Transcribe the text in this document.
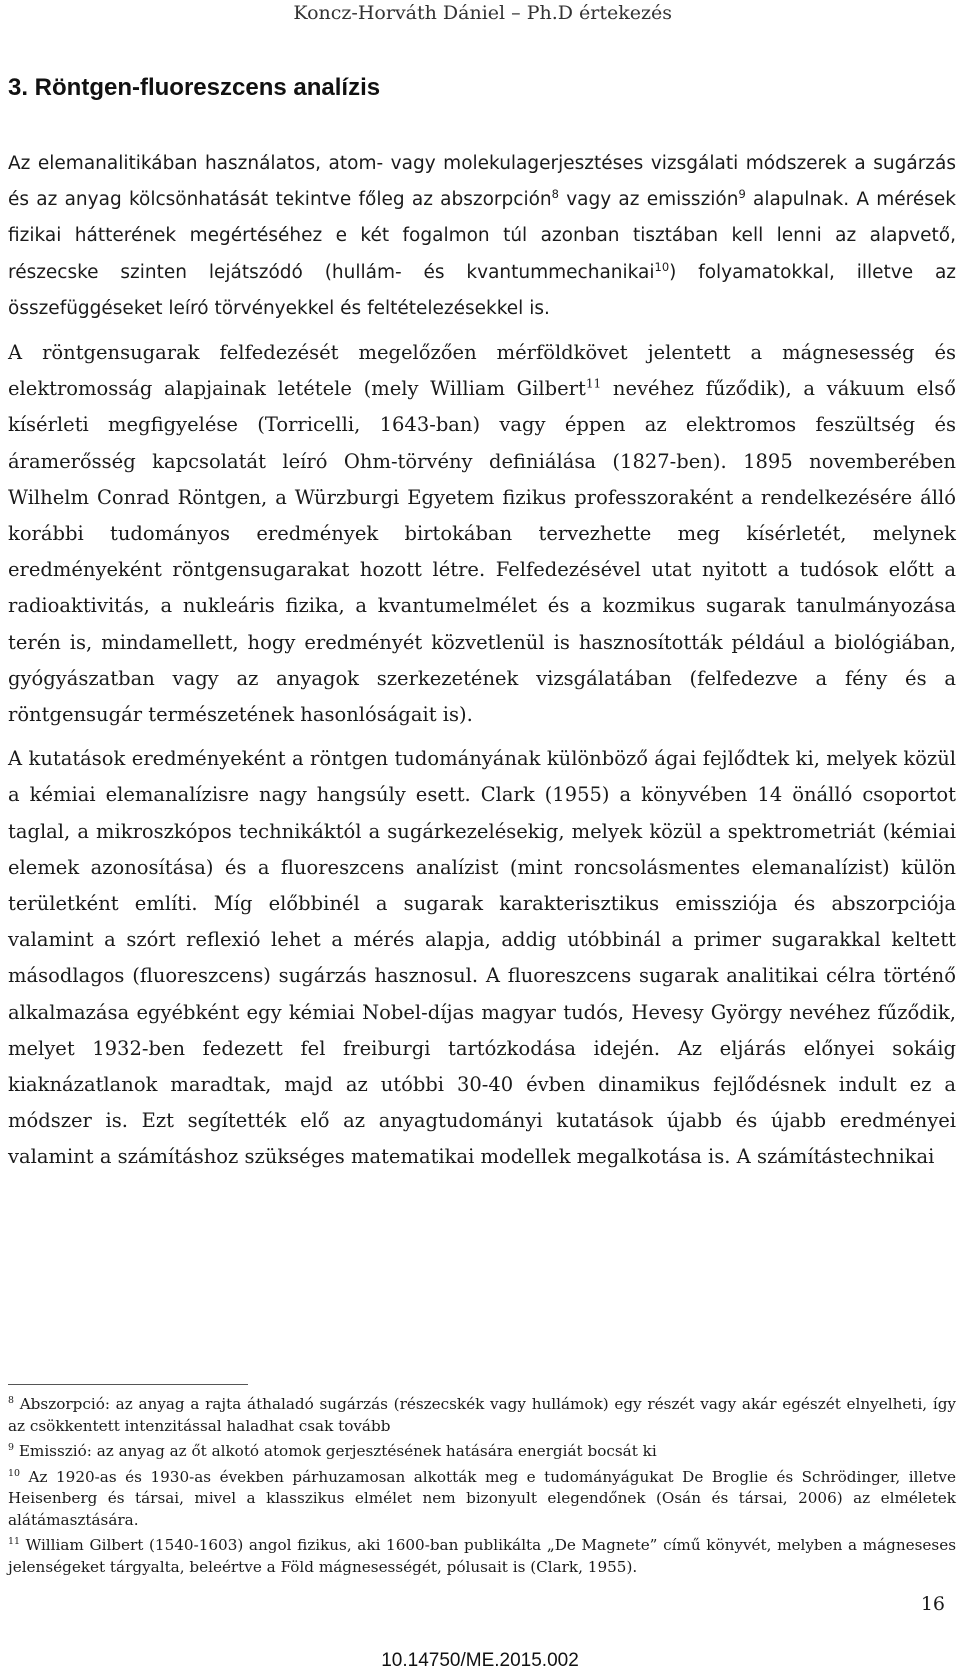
Koncz-Horváth Dániel – Ph.D értekezés
3. Röntgen-fluoreszcens analízis

Az elemanalitikában használatos, atom- vagy molekulagerjesztéses vizsgálati módszerek a sugárzás és az anyag kölcsönhatását tekintve főleg az abszorpción$^8$ vagy az emisszión$^9$ alapulnak. A mérések fizikai hátterének megértéséhez e két fogalmon túl azonban tisztában kell lenni az alapvető, részecske szinten lejátszódó (hullám- és kvantummechanikai$^{10}$) folyamatokkal, illetve az összefüggéseket leíró törvényekkel és feltételezésekkel is.

A röntgensugarak felfedezését megelőzően mérföldkövet jelentett a mágnesesség és elektromosság alapjainak letétele (mely William Gilbert$^{11}$ nevéhez fűződik), a vákuum első kísérleti megfigyelése (Torricelli, 1643-ban) vagy éppen az elektromos feszültség és áramerősség kapcsolatát leíró Ohm-törvény definiálása (1827-ben). 1895 novemberében Wilhelm Conrad Röntgen, a Würzburgi Egyetem fizikus professzoraként a rendelkezésére álló korábbi tudományos eredmények birtokában tervezhette meg kísérletét, melynek eredményeként röntgensugarakat hozott létre. Felfedezésével utat nyitott a tudósok előtt a radioaktivitás, a nukleáris fizika, a kvantumelmélet és a kozmikus sugarak tanulmányozása terén is, mindamellett, hogy eredményét közvetlenül is hasznosították például a biológiában, gyógyászatban vagy az anyagok szerkezetének vizsgálatában (felfedezve a fény és a röntgensugár természetének hasonlóságait is).

A kutatások eredményeként a röntgen tudományának különböző ágai fejlődtek ki, melyek közül a kémiai elemanalízisre nagy hangsúly esett. Clark (1955) a könyvében 14 önálló csoportot taglal, a mikroszkópos technikáktól a sugárkezelésekig, melyek közül a spektrometriát (kémiai elemek azonosítása) és a fluoreszcens analízist (mint roncsolásmentes elemanalízist) külön területként említi. Míg előbbinél a sugarak karakterisztikus emissziója és abszorpciója valamint a szórt reflexió lehet a mérés alapja, addig utóbbinál a primer sugarakkal keltett másodlagos (fluoreszcens) sugárzás hasznosul. A fluoreszcens sugarak analitikai célra történő alkalmazása egyébként egy kémiai Nobel-díjas magyar tudós, Hevesy György nevéhez fűződik, melyet 1932-ben fedezett fel freiburgi tartózkodása idején. Az eljárás előnyei sokáig kiaknázatlanok maradtak, majd az utóbbi 30-40 évben dinamikus fejlődésnek indult ez a módszer is. Ezt segítették elő az anyagtudományi kutatások újabb és újabb eredményei valamint a számításhoz szükséges matematikai modellek megalkotása is. A számítástechnikai

$^8$ Abszorpció: az anyag a rajta áthaladó sugárzás (részecskék vagy hullámok) egy részét vagy akár egészét elnyelheti, így az csökkentett intenzitással haladhat csak tovább

$^9$ Emisszió: az anyag az őt alkotó atomok gerjesztésének hatására energiát bocsát ki

$^{10}$ Az 1920-as és 1930-as években párhuzamosan alkották meg e tudományágukat De Broglie és Schrödinger, illetve Heisenberg és társai, mivel a klasszikus elmélet nem bizonyult elegendőnek (Osán és társai, 2006) az elméletek alátámasztására.

$^{11}$ William Gilbert (1540-1603) angol fizikus, aki 1600-ban publikálta „De Magnete” című könyvét, melyben a mágneseses jelenségeket tárgyalta, beleértve a Föld mágnesességét, pólusait is (Clark, 1955).

16
10.14750/ME.2015.002
